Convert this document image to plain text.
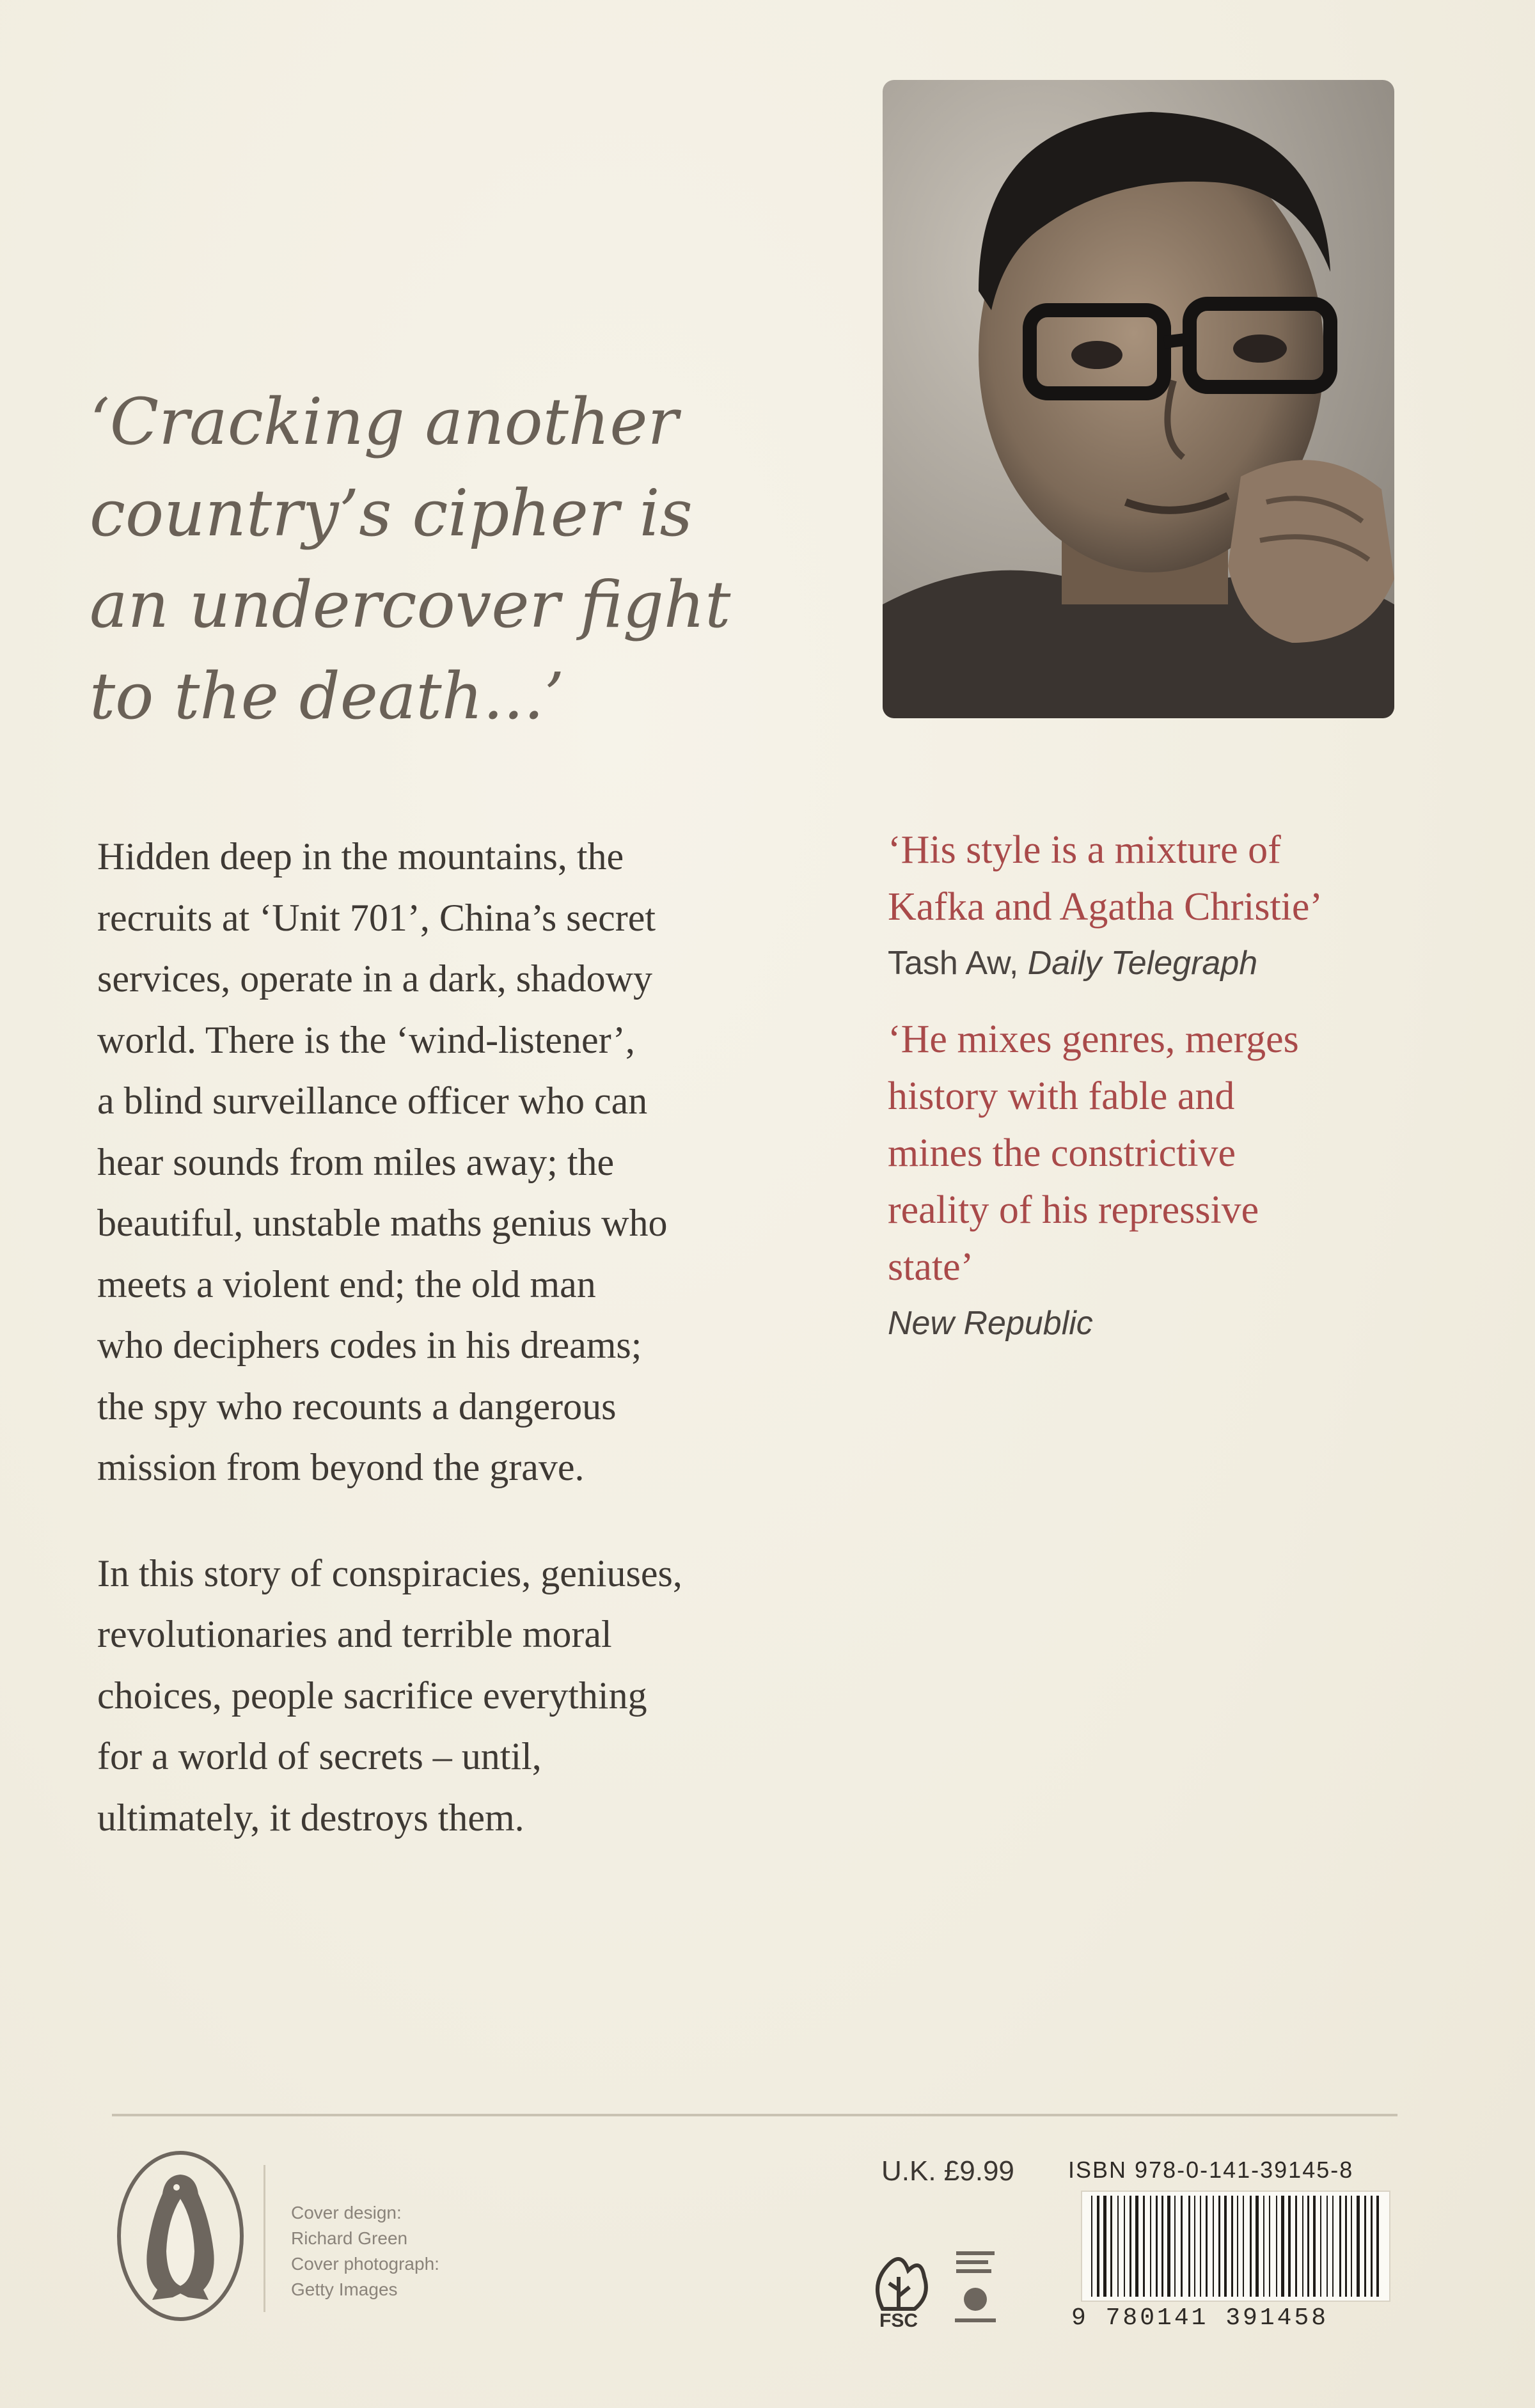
‘Cracking another
country’s cipher is
an undercover fight
to the death...’

Hidden deep in the mountains, the
recruits at ‘Unit 701’, China’s secret
services, operate in a dark, shadowy
world. There is the ‘wind-listener’,
a blind surveillance officer who can
hear sounds from miles away; the
beautiful, unstable maths genius who
meets a violent end; the old man
who deciphers codes in his dreams;
the spy who recounts a dangerous
mission from beyond the grave.

In this story of conspiracies, geniuses,
revolutionaries and terrible moral
choices, people sacrifice everything
for a world of secrets – until,
ultimately, it destroys them.

‘His style is a mixture of
Kafka and Agatha Christie’
Tash Aw, Daily Telegraph
‘He mixes genres, merges
history with fable and
mines the constrictive
reality of his repressive
state’
New Republic
Cover design:
Richard Green
Cover photograph:
Getty Images
U.K. £9.99 ISBN 978-0-141-39145-8
FSC	9 780141 391458
